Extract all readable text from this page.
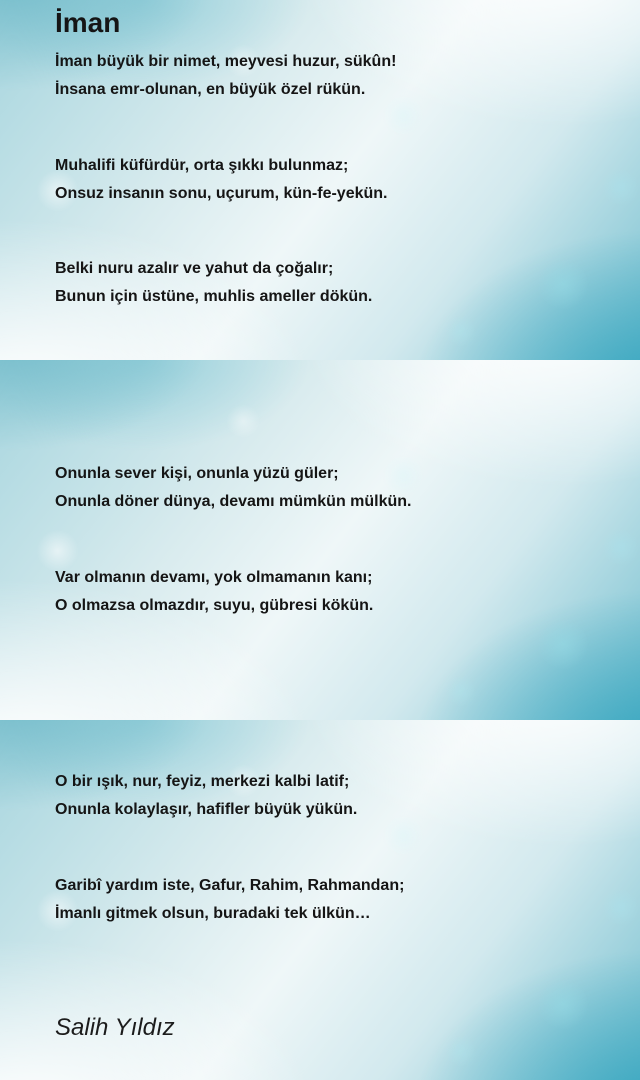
İman

İman büyük bir nimet, meyvesi huzur, sükûn!

İnsana emr-olunan, en büyük özel rükün.

Muhalifi küfürdür, orta şıkkı bulunmaz;

Onsuz insanın sonu, uçurum, kün-fe-yekün.

Belki nuru azalır ve yahut da çoğalır;

Bunun için üstüne, muhlis ameller dökün.

Onunla sever kişi, onunla yüzü güler;

Onunla döner dünya, devamı mümkün mülkün.

Var olmanın devamı, yok olmamanın kanı;

O olmazsa olmazdır, suyu, gübresi kökün.

O bir ışık, nur, feyiz, merkezi kalbi latif;

Onunla kolaylaşır, hafifler büyük yükün.

Garibî yardım iste, Gafur, Rahim, Rahmandan;

İmanlı gitmek olsun, buradaki tek ülkün…

Salih Yıldız
